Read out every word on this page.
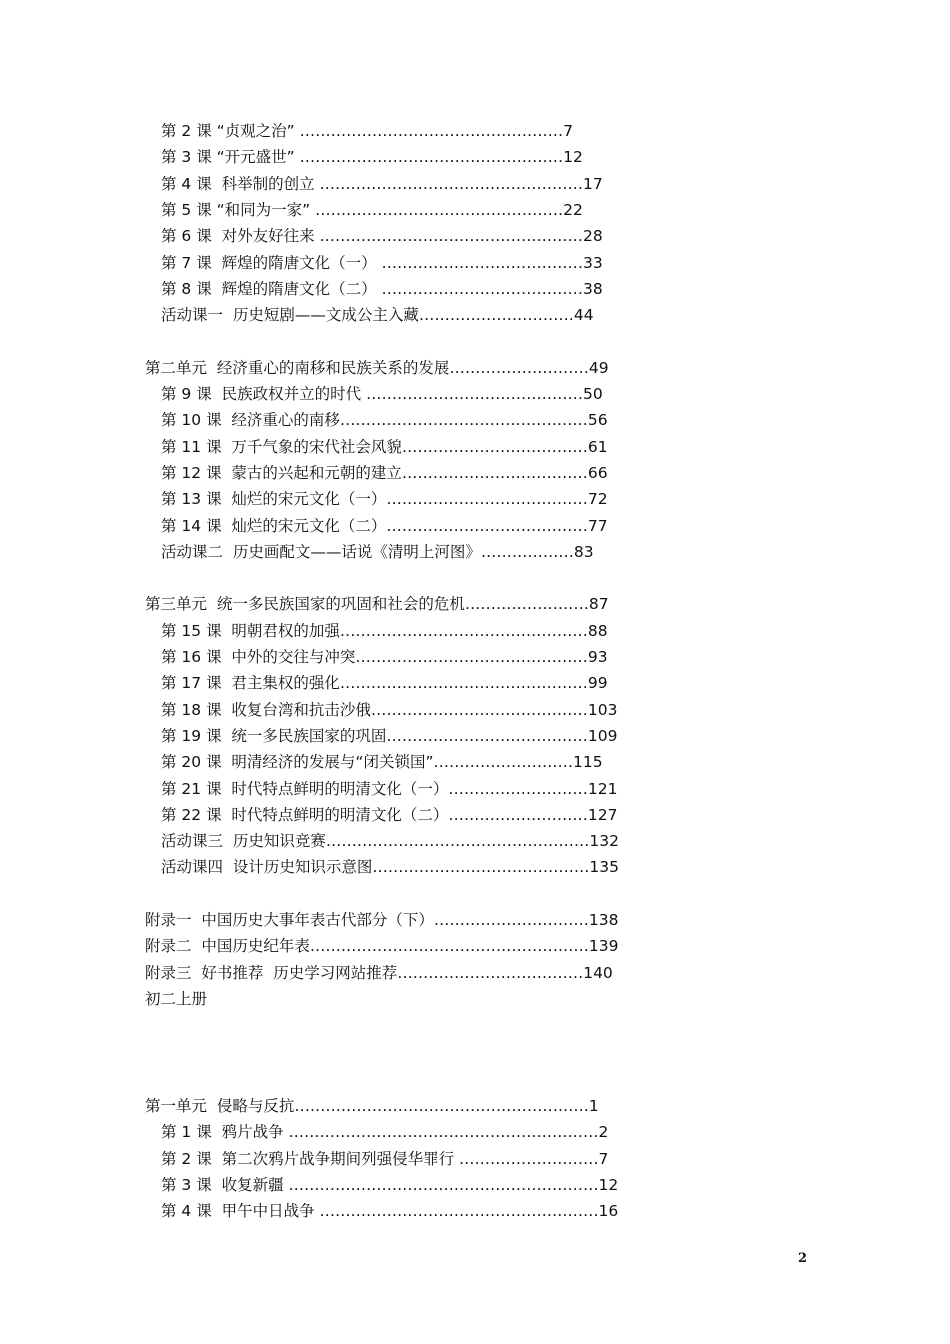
第 2 课 “贞观之治” ……………………………………………7
第 3 课 “开元盛世” ……………………………………………12
第 4 课  科举制的创立 ……………………………………………17
第 5 课 “和同为一家” …………………………………………22
第 6 课  对外友好往来 ……………………………………………28
第 7 课  辉煌的隋唐文化（一） …………………………………33
第 8 课  辉煌的隋唐文化（二） …………………………………38
活动课一  历史短剧——文成公主入藏…………………………44
第二单元  经济重心的南移和民族关系的发展………………………49
第 9 课  民族政权并立的时代 ……………………………………50
第 10 课  经济重心的南移…………………………………………56
第 11 课  万千气象的宋代社会风貌………………………………61
第 12 课  蒙古的兴起和元朝的建立………………………………66
第 13 课  灿烂的宋元文化（一）…………………………………72
第 14 课  灿烂的宋元文化（二）…………………………………77
活动课二  历史画配文——话说《清明上河图》………………83
第三单元  统一多民族国家的巩固和社会的危机……………………87
第 15 课  明朝君权的加强…………………………………………88
第 16 课  中外的交往与冲突………………………………………93
第 17 课  君主集权的强化…………………………………………99
第 18 课  收复台湾和抗击沙俄……………………………………103
第 19 课  统一多民族国家的巩固…………………………………109
第 20 课  明清经济的发展与“闭关锁国”………………………115
第 21 课  时代特点鲜明的明清文化（一）………………………121
第 22 课  时代特点鲜明的明清文化（二）………………………127
活动课三  历史知识竞赛……………………………………………132
活动课四  设计历史知识示意图……………………………………135
附录一  中国历史大事年表古代部分（下）…………………………138
附录二  中国历史纪年表………………………………………………139
附录三  好书推荐  历史学习网站推荐………………………………140
初二上册
第一单元  侵略与反抗…………………………………………………1
第 1 课  鸦片战争 ……………………………………………………2
第 2 课  第二次鸦片战争期间列强侵华罪行 ………………………7
第 3 课  收复新疆 ……………………………………………………12
第 4 课  甲午中日战争 ………………………………………………16
2
